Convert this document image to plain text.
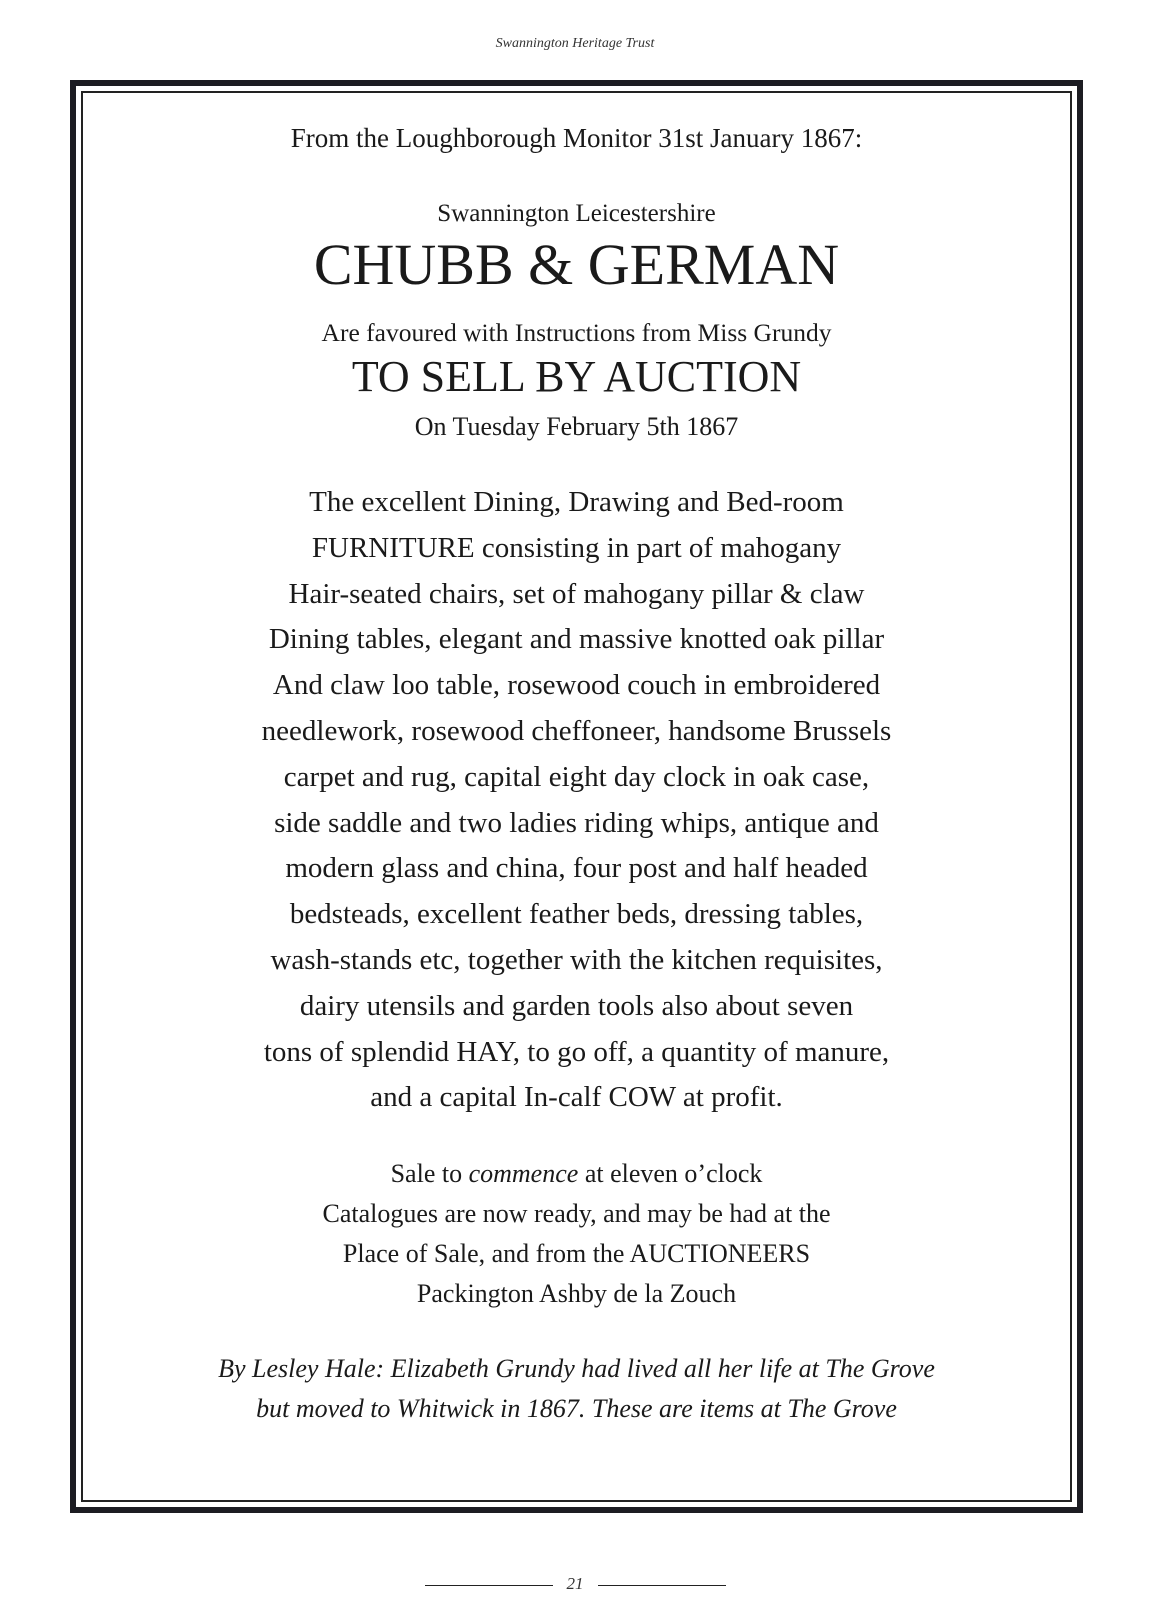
Swannington Heritage Trust
From the Loughborough Monitor 31st January 1867:
Swannington Leicestershire
CHUBB & GERMAN
Are favoured with Instructions from Miss Grundy
TO SELL BY AUCTION
On Tuesday February 5th 1867
The excellent Dining, Drawing and Bed-room
FURNITURE consisting in part of mahogany
Hair-seated chairs, set of mahogany pillar & claw
Dining tables, elegant and massive knotted oak pillar
And claw loo table, rosewood couch in embroidered
needlework, rosewood cheffoneer, handsome Brussels
carpet and rug, capital eight day clock in oak case,
side saddle and two ladies riding whips, antique and
modern glass and china, four post and half headed
bedsteads, excellent feather beds, dressing tables,
wash-stands etc, together with the kitchen requisites,
dairy utensils and garden tools also about seven
tons of splendid HAY, to go off, a quantity of manure,
and a capital In-calf COW at profit.
Sale to commence at eleven o’clock
Catalogues are now ready, and may be had at the
Place of Sale, and from the AUCTIONEERS
Packington Ashby de la Zouch
By Lesley Hale: Elizabeth Grundy had lived all her life at The Grove
but moved to Whitwick in 1867. These are items at The Grove
21
